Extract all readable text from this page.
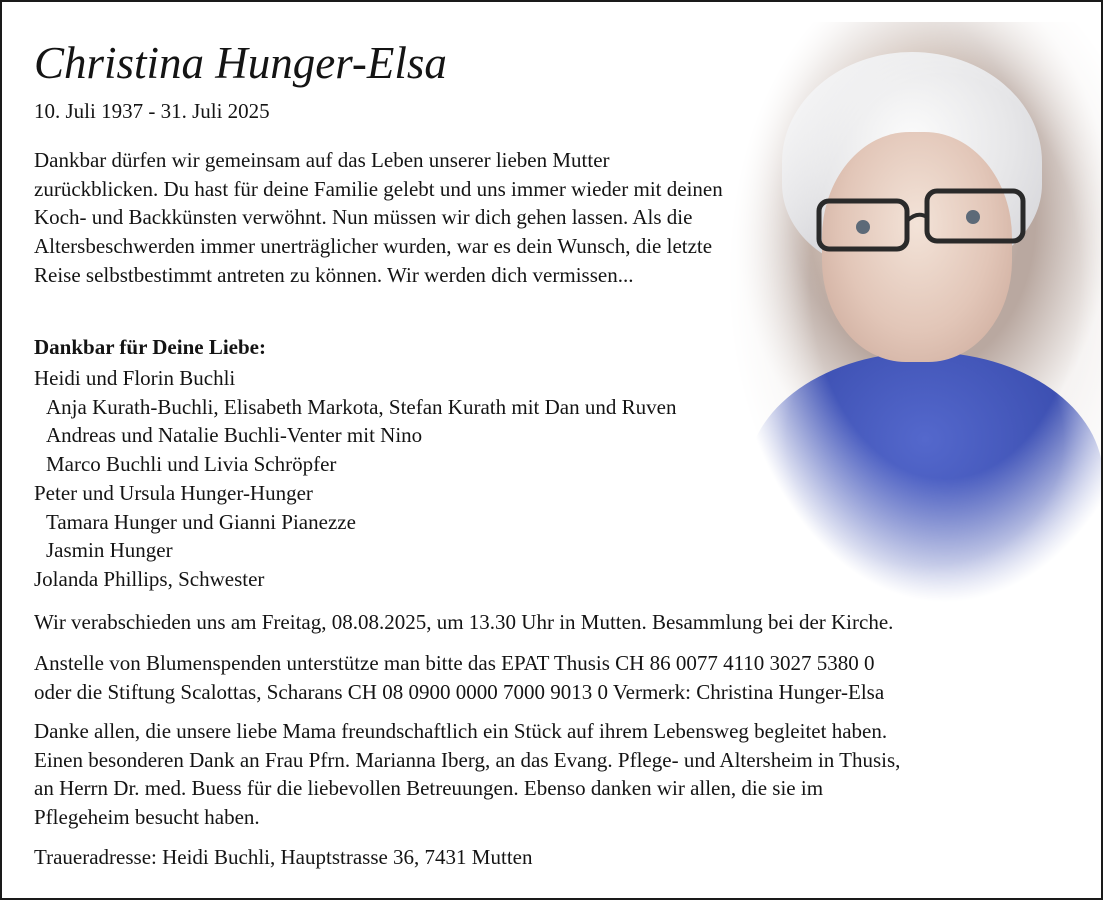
Christina Hunger-Elsa
10. Juli 1937 - 31. Juli 2025
Dankbar dürfen wir gemeinsam auf das Leben unserer lieben Mutter zurückblicken. Du hast für deine Familie gelebt und uns immer wieder mit deinen Koch- und Backkünsten verwöhnt. Nun müssen wir dich gehen lassen. Als die Altersbeschwerden immer unerträglicher wurden, war es dein Wunsch, die letzte Reise selbstbestimmt antreten zu können. Wir werden dich vermissen...
Dankbar für Deine Liebe:
Heidi und Florin Buchli
Anja Kurath-Buchli, Elisabeth Markota, Stefan Kurath mit Dan und Ruven
Andreas und Natalie Buchli-Venter mit Nino
Marco Buchli und Livia Schröpfer
Peter und Ursula Hunger-Hunger
Tamara Hunger und Gianni Pianezze
Jasmin Hunger
Jolanda Phillips, Schwester
Wir verabschieden uns am Freitag, 08.08.2025, um 13.30 Uhr in Mutten. Besammlung bei der Kirche.
Anstelle von Blumenspenden unterstütze man bitte das EPAT Thusis CH 86 0077 4110 3027 5380 0
oder die Stiftung Scalottas, Scharans CH 08 0900 0000 7000 9013 0 Vermerk: Christina Hunger-Elsa
Danke allen, die unsere liebe Mama freundschaftlich ein Stück auf ihrem Lebensweg begleitet haben.
Einen besonderen Dank an Frau Pfrn. Marianna Iberg, an das Evang. Pflege- und Altersheim in Thusis,
an Herrn Dr. med. Buess für die liebevollen Betreuungen. Ebenso danken wir allen, die sie im
Pflegeheim besucht haben.
Traueradresse: Heidi Buchli, Hauptstrasse 36, 7431 Mutten
